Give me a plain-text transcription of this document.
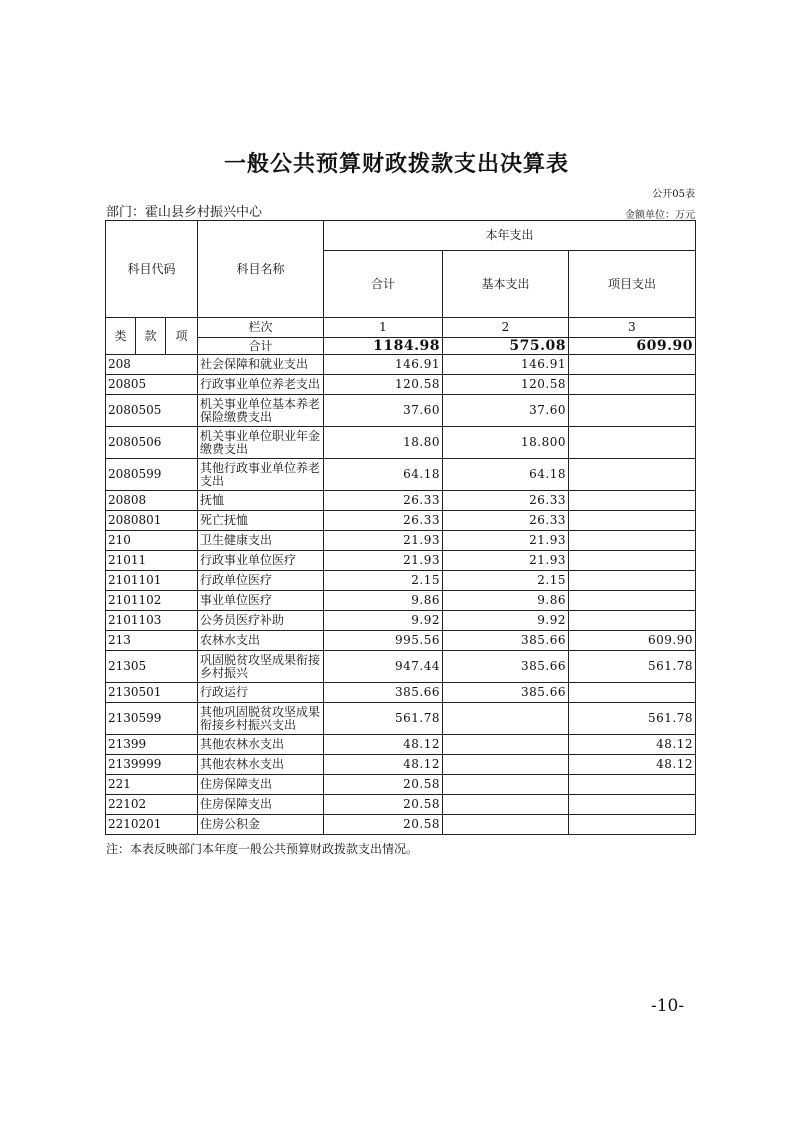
一般公共预算财政拨款支出决算表
公开05表
部门：霍山县乡村振兴中心	金额单位：万元
科目代码			科目名称	本年支出		
				合计	基本支出	项目支出
类	款	项	栏次	1	2	3
			合计	1184.98	575.08	609.90
208			社会保障和就业支出	146.91	146.91	
20805			行政事业单位养老支出	120.58	120.58	
2080505			机关事业单位基本养老保险缴费支出	37.60	37.60	
2080506			机关事业单位职业年金缴费支出	18.80	18.800	
2080599			其他行政事业单位养老支出	64.18	64.18	
20808			抚恤	26.33	26.33	
2080801			死亡抚恤	26.33	26.33	
210			卫生健康支出	21.93	21.93	
21011			行政事业单位医疗	21.93	21.93	
2101101			行政单位医疗	2.15	2.15	
2101102			事业单位医疗	9.86	9.86	
2101103			公务员医疗补助	9.92	9.92	
213			农林水支出	995.56	385.66	609.90
21305			巩固脱贫攻坚成果衔接乡村振兴	947.44	385.66	561.78
2130501			行政运行	385.66	385.66	
2130599			其他巩固脱贫攻坚成果衔接乡村振兴支出	561.78		561.78
21399			其他农林水支出	48.12		48.12
2139999			其他农林水支出	48.12		48.12
221			住房保障支出	20.58		
22102			住房保障支出	20.58		
2210201			住房公积金	20.58		
注：本表反映部门本年度一般公共预算财政拨款支出情况。
-10-
